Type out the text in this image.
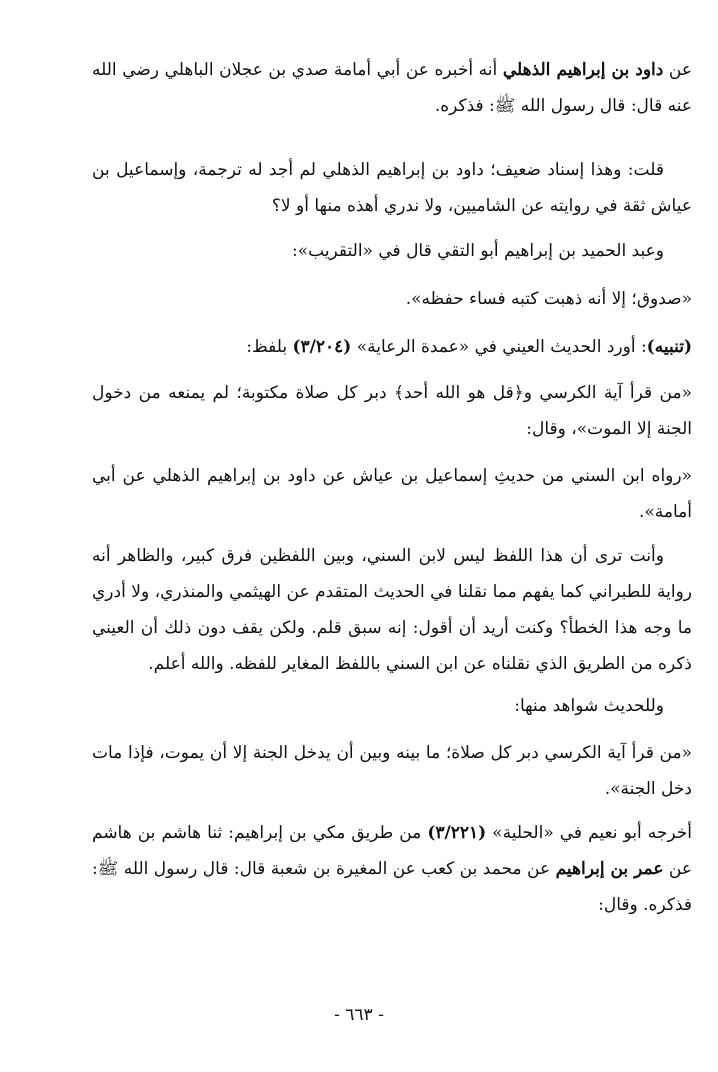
عن داود بن إبراهيم الذهلي أنه أخبره عن أبي أمامة صدي بن عجلان الباهلي رضي الله عنه قال: قال رسول الله ﷺ: فذكره.

قلت: وهذا إسناد ضعيف؛ داود بن إبراهيم الذهلي لم أجد له ترجمة، وإسماعيل بن عياش ثقة في روايته عن الشاميين، ولا ندري أهذه منها أو لا؟

وعبد الحميد بن إبراهيم أبو التقي قال في «التقريب»:

«صدوق؛ إلا أنه ذهبت كتبه فساء حفظه».

(تنبيه): أورد الحديث العيني في «عمدة الرعاية» (٣/٢٠٤) بلفظ:

«من قرأ آية الكرسي و﴿قل هو الله أحد﴾ دبر كل صلاة مكتوبة؛ لم يمنعه من دخول الجنة إلا الموت»، وقال:

«رواه ابن السني من حديثِ إسماعيل بن عياش عن داود بن إبراهيم الذهلي عن أبي أمامة».

وأنت ترى أن هذا اللفظ ليس لابن السني، وبين اللفظين فرق كبير، والظاهر أنه رواية للطبراني كما يفهم مما نقلنا في الحديث المتقدم عن الهيثمي والمنذري، ولا أدري ما وجه هذا الخطأ؟ وكنت أريد أن أقول: إنه سبق قلم. ولكن يقف دون ذلك أن العيني ذكره من الطريق الذي نقلناه عن ابن السني باللفظ المغاير للفظه. والله أعلم.

وللحديث شواهد منها:

«من قرأ آية الكرسي دبر كل صلاة؛ ما بينه وبين أن يدخل الجنة إلا أن يموت، فإذا مات دخل الجنة».

أخرجه أبو نعيم في «الحلية» (٣/٢٢١) من طريق مكي بن إبراهيم: ثنا هاشم بن هاشم عن عمر بن إبراهيم عن محمد بن كعب عن المغيرة بن شعبة قال: قال رسول الله ﷺ: فذكره. وقال:

- ٦٦٣ -
